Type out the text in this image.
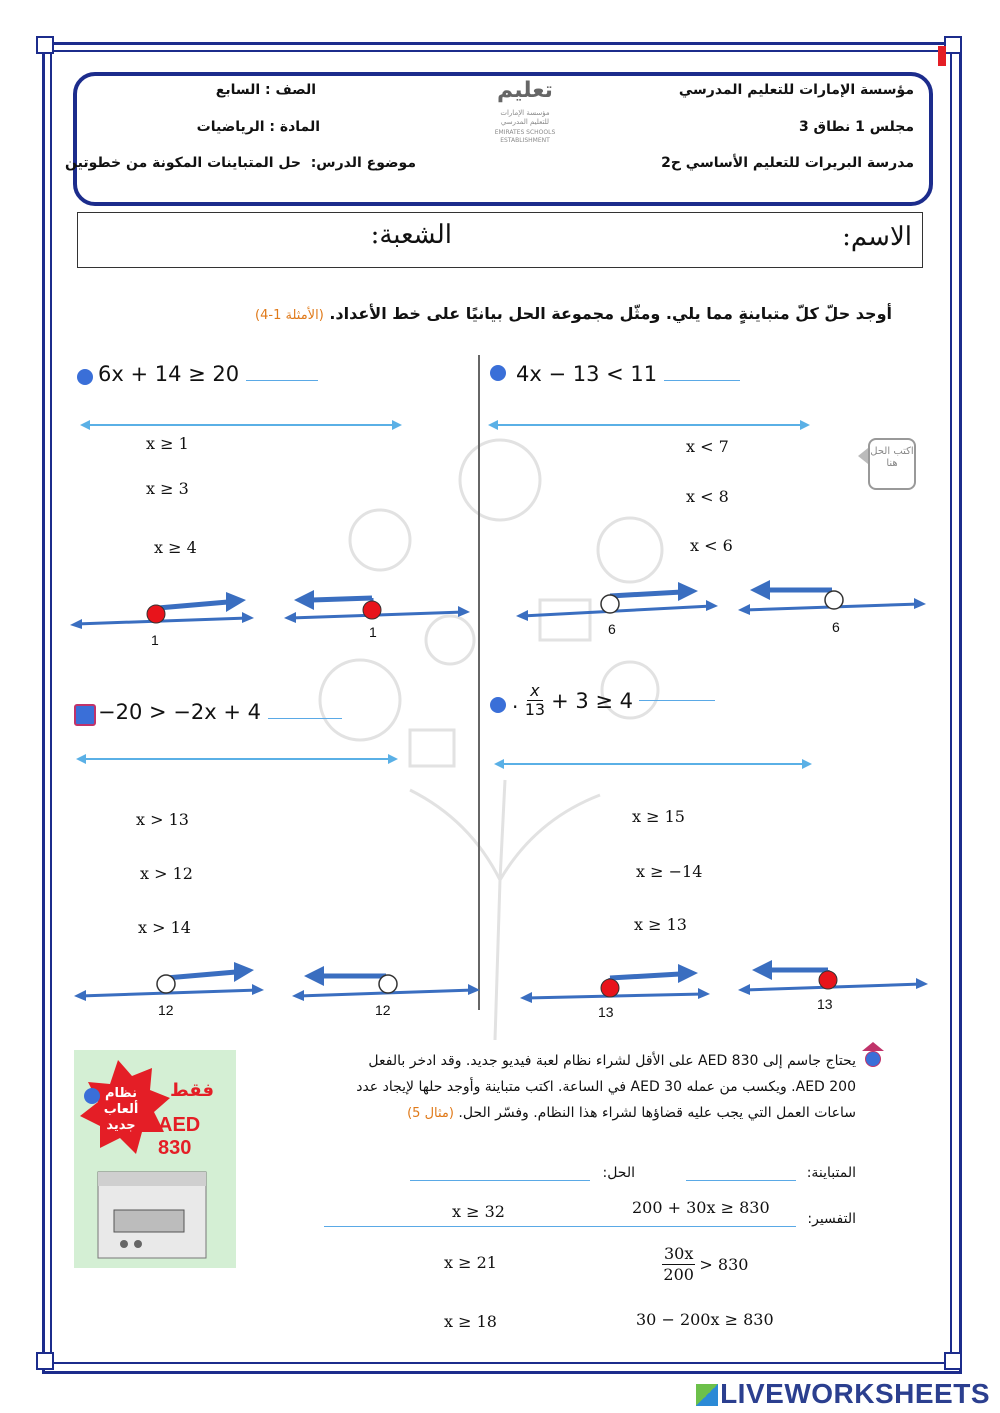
الصف : السابع
المادة : الرياضيات
موضوع الدرس:
حل المتباينات المكونة من خطوتين
مؤسسة الإمارات للتعليم المدرسي
مجلس 1 نطاق 3
مدرسة البريرات للتعليم الأساسي ح2
تعليم
مؤسسة الإمارات للتعليم المدرسي
EMIRATES SCHOOLS ESTABLISHMENT
الاسم:
الشعبة:
أوجد حلّ كلّ متباينةٍ مما يلي. ومثّل مجموعة الحل بيانيًا على خط الأعداد. (الأمثلة 1-4)
اكتب الحل هنا
6x + 14 ≥ 20
x ≥ 1
x ≥ 3
x ≥ 4
1	1
4x − 13 < 11
x < 7
x < 8
x < 6
6	6
−20 > −2x + 4
x > 13
x > 12
x > 14
12	12
. $\frac{x}{13} + 3 \ge 4$
x ≥ 15
x ≥ −14
x ≥ 13
13	13
يحتاج جاسم إلى AED 830 على الأقل لشراء نظام لعبة فيديو جديد. وقد ادخر بالفعل
AED 200. ويكسب من عمله AED 30 في الساعة. اكتب متباينة وأوجد حلها لإيجاد عدد
ساعات العمل التي يجب عليه قضاؤها لشراء هذا النظام. وفسّر الحل. (مثال 5)
المتباينة:
الحل:
التفسير:
x ≥ 32
x ≥ 21
x ≥ 18
200 + 30x ≥ 830
$\frac{30x}{200} > 830$
30 − 200x ≥ 830
نظام ألعاب جديد
فقط
AED 830
LIVEWORKSHEETS
